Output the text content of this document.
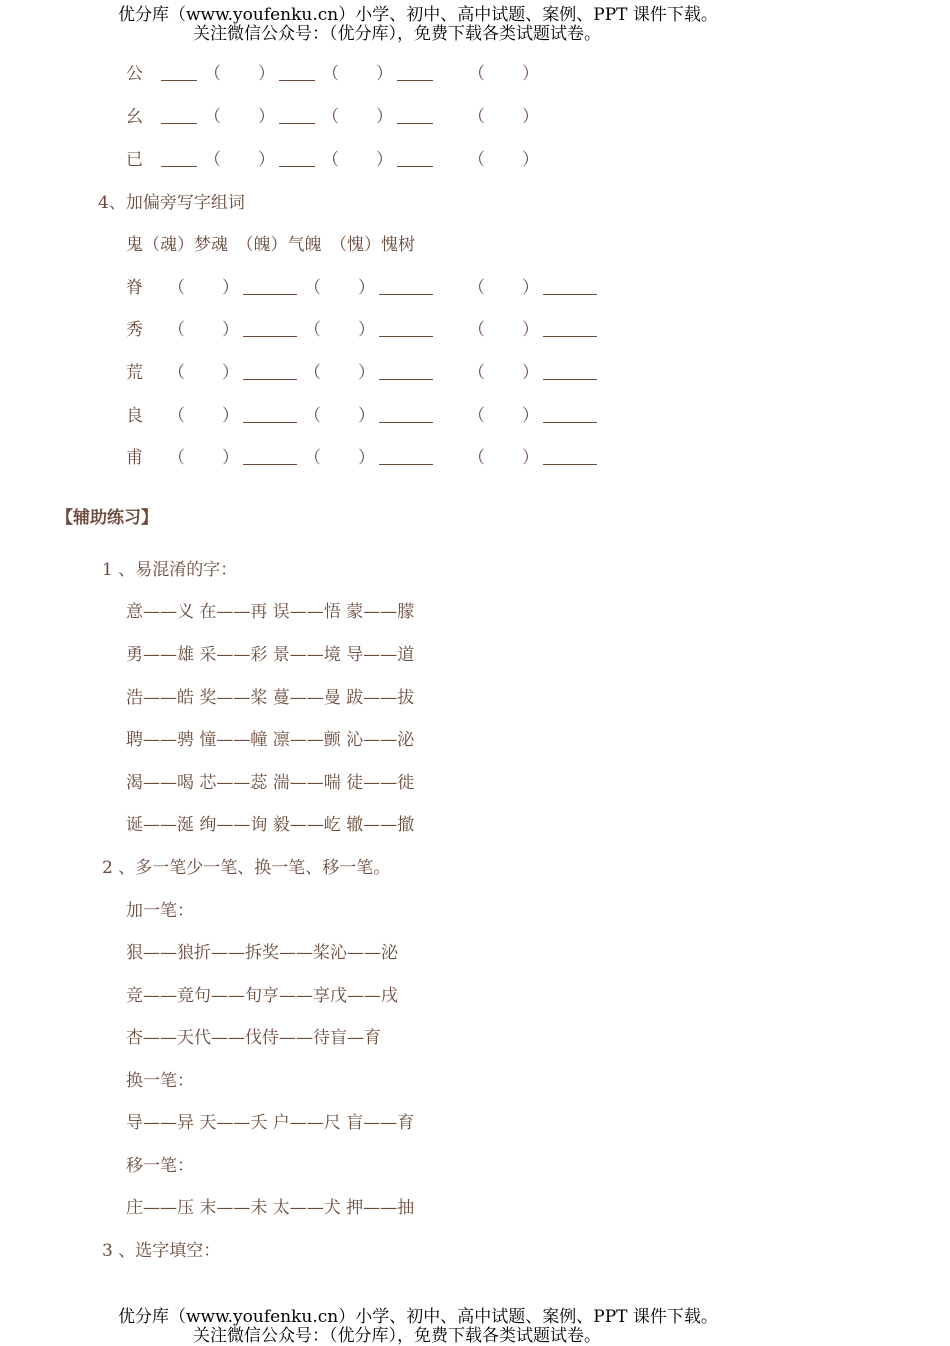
优分库（www.youfenku.cn）小学、初中、高中试题、案例、PPT 课件下载。
关注微信公众号：（优分库），免费下载各类试题试卷。
公	（ ）	（ ）	（ ）
幺	（ ）	（ ）	（ ）
已	（ ）	（ ）	（ ）
4、加偏旁写字组词
鬼（魂）梦魂　（魄）气魄　（愧）愧树
脊 （ ）	（ ）	（ ）
秀 （ ）	（ ）	（ ）
荒 （ ）	（ ）	（ ）
良 （ ）	（ ）	（ ）
甫 （ ）	（ ）	（ ）
【辅助练习】
1 、易混淆的字：
意——义 在——再 误——悟 蒙——朦
勇——雄 采——彩 景——境 导——道
浩——皓 奖——桨 蔓——曼 跋——拔
聘——骋 憧——幢 凛——颤 沁——泌
渴——喝 芯——蕊 湍——喘 徒——徙
诞——涎 绚——询 毅——屹 辙——撤
2 、多一笔少一笔、换一笔、移一笔。
加一笔：
狠——狼折——拆奖——桨沁——泌
竞——竟句——旬亨——享戊——戌
杏——天代——伐侍——待盲—育
换一笔：
导——异 天——夭 户——尺 盲——育
移一笔：
庄——压 末——未 太——犬 押——抽
3 、选字填空：
优分库（www.youfenku.cn）小学、初中、高中试题、案例、PPT 课件下载。
关注微信公众号：（优分库），免费下载各类试题试卷。
